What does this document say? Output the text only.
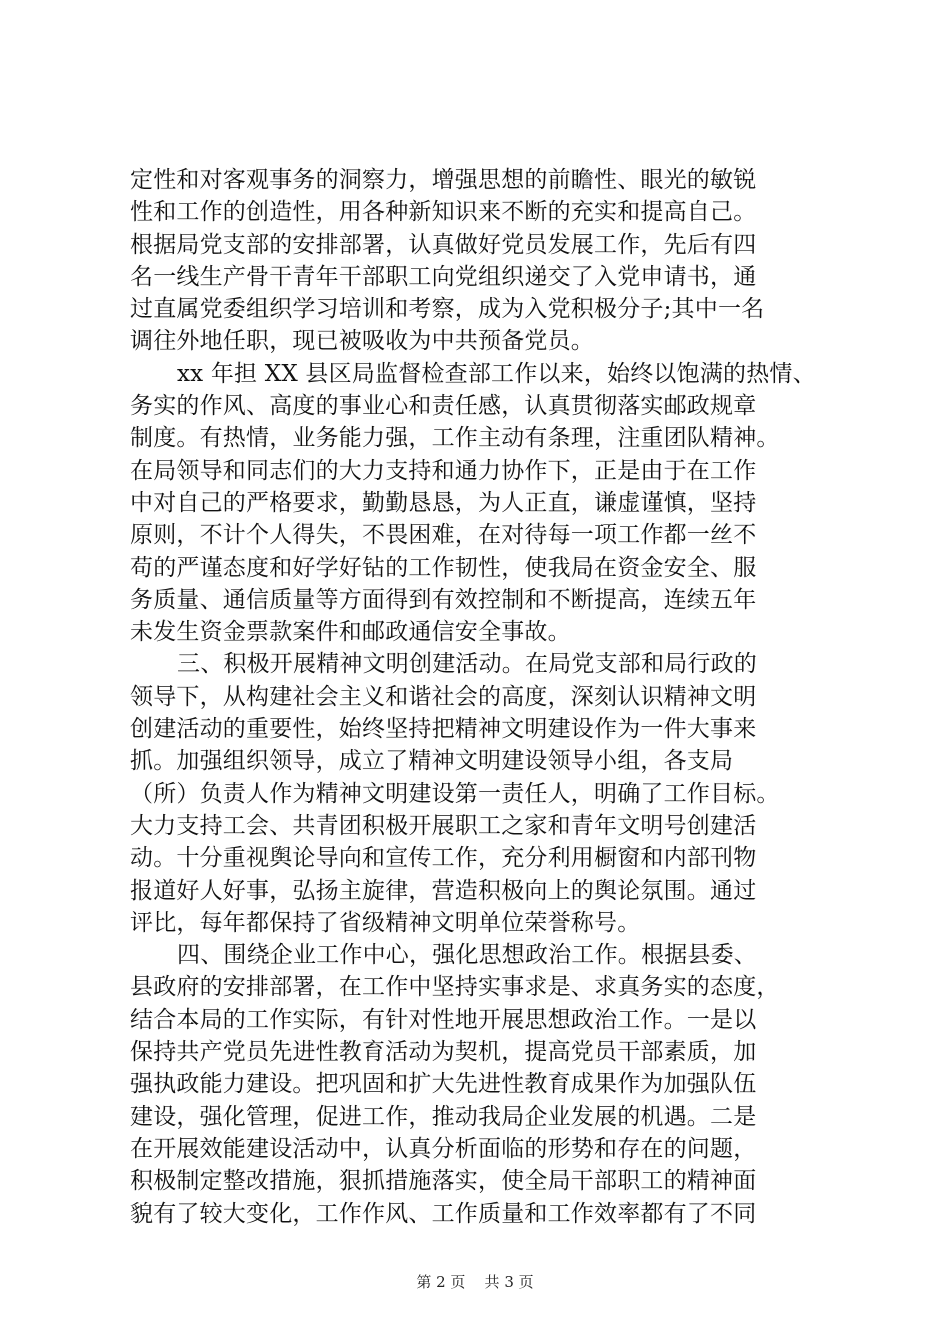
定性和对客观事务的洞察力，增强思想的前瞻性、眼光的敏锐
性和工作的创造性，用各种新知识来不断的充实和提高自己。
根据局党支部的安排部署，认真做好党员发展工作，先后有四
名一线生产骨干青年干部职工向党组织递交了入党申请书，通
过直属党委组织学习培训和考察，成为入党积极分子;其中一名
调往外地任职，现已被吸收为中共预备党员。
xx 年担 XX 县区局监督检查部工作以来，始终以饱满的热情、
务实的作风、高度的事业心和责任感，认真贯彻落实邮政规章
制度。有热情，业务能力强，工作主动有条理，注重团队精神。
在局领导和同志们的大力支持和通力协作下，正是由于在工作
中对自己的严格要求，勤勤恳恳，为人正直，谦虚谨慎，坚持
原则，不计个人得失，不畏困难，在对待每一项工作都一丝不
苟的严谨态度和好学好钻的工作韧性，使我局在资金安全、服
务质量、通信质量等方面得到有效控制和不断提高，连续五年
未发生资金票款案件和邮政通信安全事故。
三、积极开展精神文明创建活动。在局党支部和局行政的
领导下，从构建社会主义和谐社会的高度，深刻认识精神文明
创建活动的重要性，始终坚持把精神文明建设作为一件大事来
抓。加强组织领导，成立了精神文明建设领导小组，各支局
（所）负责人作为精神文明建设第一责任人，明确了工作目标。
大力支持工会、共青团积极开展职工之家和青年文明号创建活
动。十分重视舆论导向和宣传工作，充分利用橱窗和内部刊物
报道好人好事，弘扬主旋律，营造积极向上的舆论氛围。通过
评比，每年都保持了省级精神文明单位荣誉称号。
四、围绕企业工作中心，强化思想政治工作。根据县委、
县政府的安排部署，在工作中坚持实事求是、求真务实的态度，
结合本局的工作实际，有针对性地开展思想政治工作。一是以
保持共产党员先进性教育活动为契机，提高党员干部素质，加
强执政能力建设。把巩固和扩大先进性教育成果作为加强队伍
建设，强化管理，促进工作，推动我局企业发展的机遇。二是
在开展效能建设活动中，认真分析面临的形势和存在的问题，
积极制定整改措施，狠抓措施落实，使全局干部职工的精神面
貌有了较大变化，工作作风、工作质量和工作效率都有了不同
第 2 页 共 3 页
